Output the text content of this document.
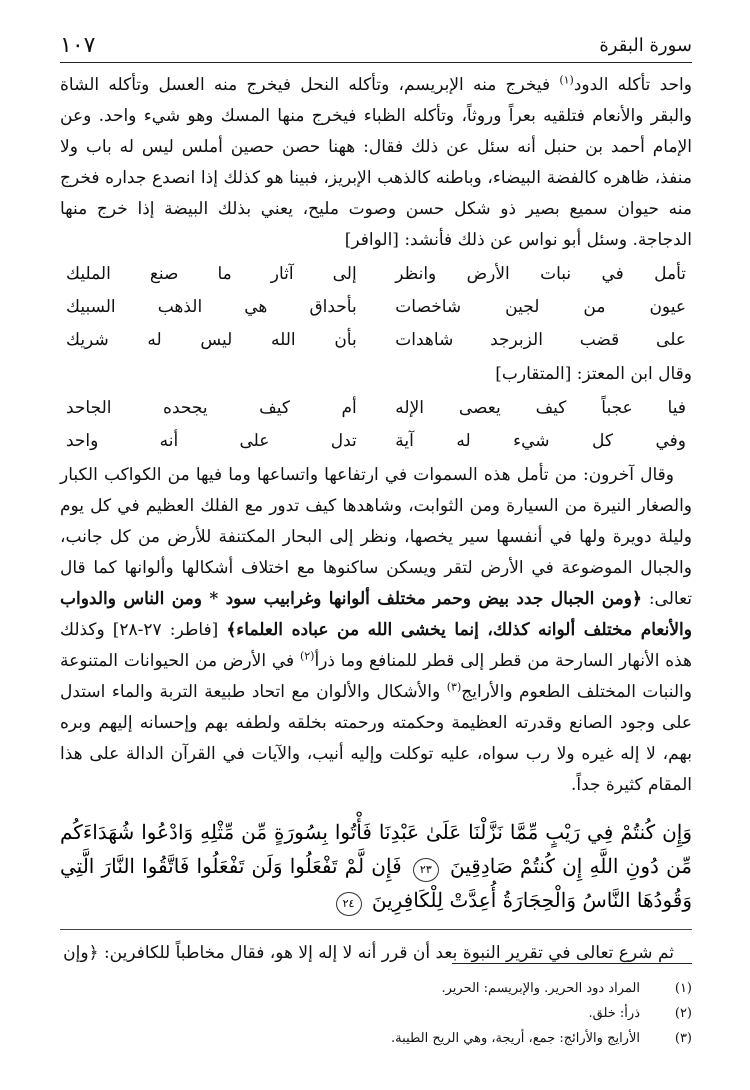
١٠٧	سورة البقرة

واحد تأكله الدود$^{(١)}$ فيخرج منه الإبريسم، وتأكله النحل فيخرج منه العسل وتأكله الشاة والبقر والأنعام فتلقيه بعراً وروثاً، وتأكله الظباء فيخرج منها المسك وهو شيء واحد. وعن الإمام أحمد بن حنبل أنه سئل عن ذلك فقال: ههنا حصن حصين أملس ليس له باب ولا منفذ، ظاهره كالفضة البيضاء، وباطنه كالذهب الإبريز، فبينا هو كذلك إذا انصدع جداره فخرج منه حيوان سميع بصير ذو شكل حسن وصوت مليح، يعني بذلك البيضة إذا خرج منها الدجاجة. وسئل أبو نواس عن ذلك فأنشد: [الوافر]

تأمل في نبات الأرض وانظر
إلى آثار ما صنع المليك
عيون من لجين شاخصات
بأحداق هي الذهب السبيك
على قضب الزبرجد شاهدات
بأن الله ليس له شريك

وقال ابن المعتز: [المتقارب]

فيا عجباً كيف يعصى الإله
أم كيف يجحده الجاحد
وفي كل شيء له آية
تدل على أنه واحد

وقال آخرون: من تأمل هذه السموات في ارتفاعها واتساعها وما فيها من الكواكب الكبار والصغار النيرة من السيارة ومن الثوابت، وشاهدها كيف تدور مع الفلك العظيم في كل يوم وليلة دويرة ولها في أنفسها سير يخصها، ونظر إلى البحار المكتنفة للأرض من كل جانب، والجبال الموضوعة في الأرض لتقر ويسكن ساكنوها مع اختلاف أشكالها وألوانها كما قال تعالى: ﴿ومن الجبال جدد بيض وحمر مختلف ألوانها وغرابيب سود * ومن الناس والدواب والأنعام مختلف ألوانه كذلك، إنما يخشى الله من عباده العلماء﴾ [فاطر: ٢٧-٢٨] وكذلك هذه الأنهار السارحة من قطر إلى قطر للمنافع وما ذرأ$^{(٢)}$ في الأرض من الحيوانات المتنوعة والنبات المختلف الطعوم والأرايج$^{(٣)}$ والأشكال والألوان مع اتحاد طبيعة التربة والماء استدل على وجود الصانع وقدرته العظيمة وحكمته ورحمته بخلقه ولطفه بهم وإحسانه إليهم وبره بهم، لا إله غيره ولا رب سواه، عليه توكلت وإليه أنيب، والآيات في القرآن الدالة على هذا المقام كثيرة جداً.

وَإِن كُنتُمْ فِي رَيْبٍ مِّمَّا نَزَّلْنَا عَلَىٰ عَبْدِنَا فَأْتُوا بِسُورَةٍ مِّن مِّثْلِهِ وَادْعُوا شُهَدَاءَكُم مِّن دُونِ اللَّهِ إِن كُنتُمْ صَادِقِينَ ٢٣ فَإِن لَّمْ تَفْعَلُوا وَلَن تَفْعَلُوا فَاتَّقُوا النَّارَ الَّتِي وَقُودُهَا النَّاسُ وَالْحِجَارَةُ أُعِدَّتْ لِلْكَافِرِينَ ٢٤

ثم شرع تعالى في تقرير النبوة بعد أن قرر أنه لا إله إلا هو، فقال مخاطباً للكافرين: ﴿وإن

(١)
المراد دود الحرير. والإبريسم: الحرير.
(٢)
ذرأ: خلق.
(٣)
الأرايج والأرائج: جمع، أريجة، وهي الريح الطيبة.
